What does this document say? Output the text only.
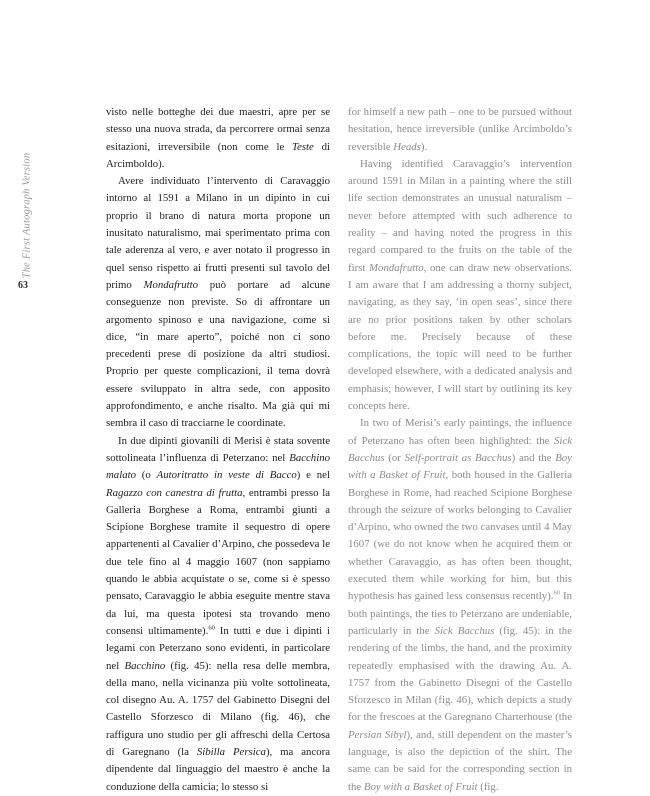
The First Autograph Version
63

visto nelle botteghe dei due maestri, apre per se stesso una nuova strada, da percorrere ormai senza esitazioni, irreversibile (non come le Teste di Arcimboldo).

Avere individuato l’intervento di Caravaggio intorno al 1591 a Milano in un dipinto in cui proprio il brano di natura morta propone un inusitato naturalismo, mai sperimentato prima con tale aderenza al vero, e aver notato il progresso in quel senso rispetto ai frutti presenti sul tavolo del primo Mondafrutto può portare ad alcune conseguenze non previste. So di affrontare un argomento spinoso e una navigazione, come si dice, “in mare aperto”, poiché non ci sono precedenti prese di posizione da altri studiosi. Proprio per queste complicazioni, il tema dovrà essere sviluppato in altra sede, con apposito approfondimento, e anche risalto. Ma già qui mi sembra il caso di tracciarne le coordinate.

In due dipinti giovanili di Merisi è stata sovente sottolineata l’influenza di Peterzano: nel Bacchino malato (o Autoritratto in veste di Bacco) e nel Ragazzo con canestra di frutta, entrambi presso la Galleria Borghese a Roma, entrambi giunti a Scipione Borghese tramite il sequestro di opere appartenenti al Cavalier d’Arpino, che possedeva le due tele fino al 4 maggio 1607 (non sappiamo quando le abbia acquistate o se, come si è spesso pensato, Caravaggio le abbia eseguite mentre stava da lui, ma questa ipotesi sta trovando meno consensi ultimamente).$^{60}$ In tutti e due i dipinti i legami con Peterzano sono evidenti, in particolare nel Bacchino (fig. 45): nella resa delle membra, della mano, nella vicinanza più volte sottolineata, col disegno Au. A. 1757 del Gabinetto Disegni del Castello Sforzesco di Milano (fig. 46), che raffigura uno studio per gli affreschi della Certosa di Garegnano (la Sibilla Persica), ma ancora dipendente dal linguaggio del maestro è anche la conduzione della camicia; lo stesso si

for himself a new path – one to be pursued without hesitation, hence irreversible (unlike Arcimboldo’s reversible Heads).

Having identified Caravaggio’s intervention around 1591 in Milan in a painting where the still life section demonstrates an unusual naturalism – never before attempted with such adherence to reality – and having noted the progress in this regard compared to the fruits on the table of the first Mondafrutto, one can draw new observations. I am aware that I am addressing a thorny subject, navigating, as they say, ‘in open seas’, since there are no prior positions taken by other scholars before me. Precisely because of these complications, the topic will need to be further developed elsewhere, with a dedicated analysis and emphasis; however, I will start by outlining its key concepts here.

In two of Merisi’s early paintings, the influence of Peterzano has often been highlighted: the Sick Bacchus (or Self-portrait as Bacchus) and the Boy with a Basket of Fruit, both housed in the Galleria Borghese in Rome, had reached Scipione Borghese through the seizure of works belonging to Cavalier d’Arpino, who owned the two canvases until 4 May 1607 (we do not know when he acquired them or whether Caravaggio, as has often been thought, executed them while working for him, but this hypothesis has gained less consensus recently).$^{60}$ In both paintings, the ties to Peterzano are undeniable, particularly in the Sick Bacchus (fig. 45): in the rendering of the limbs, the hand, and the proximity repeatedly emphasised with the drawing Au. A. 1757 from the Gabinetto Disegni of the Castello Sforzesco in Milan (fig. 46), which depicts a study for the frescoes at the Garegnano Charterhouse (the Persian Sibyl), and, still dependent on the master’s language, is also the depiction of the shirt. The same can be said for the corresponding section in the Boy with a Basket of Fruit (fig.
